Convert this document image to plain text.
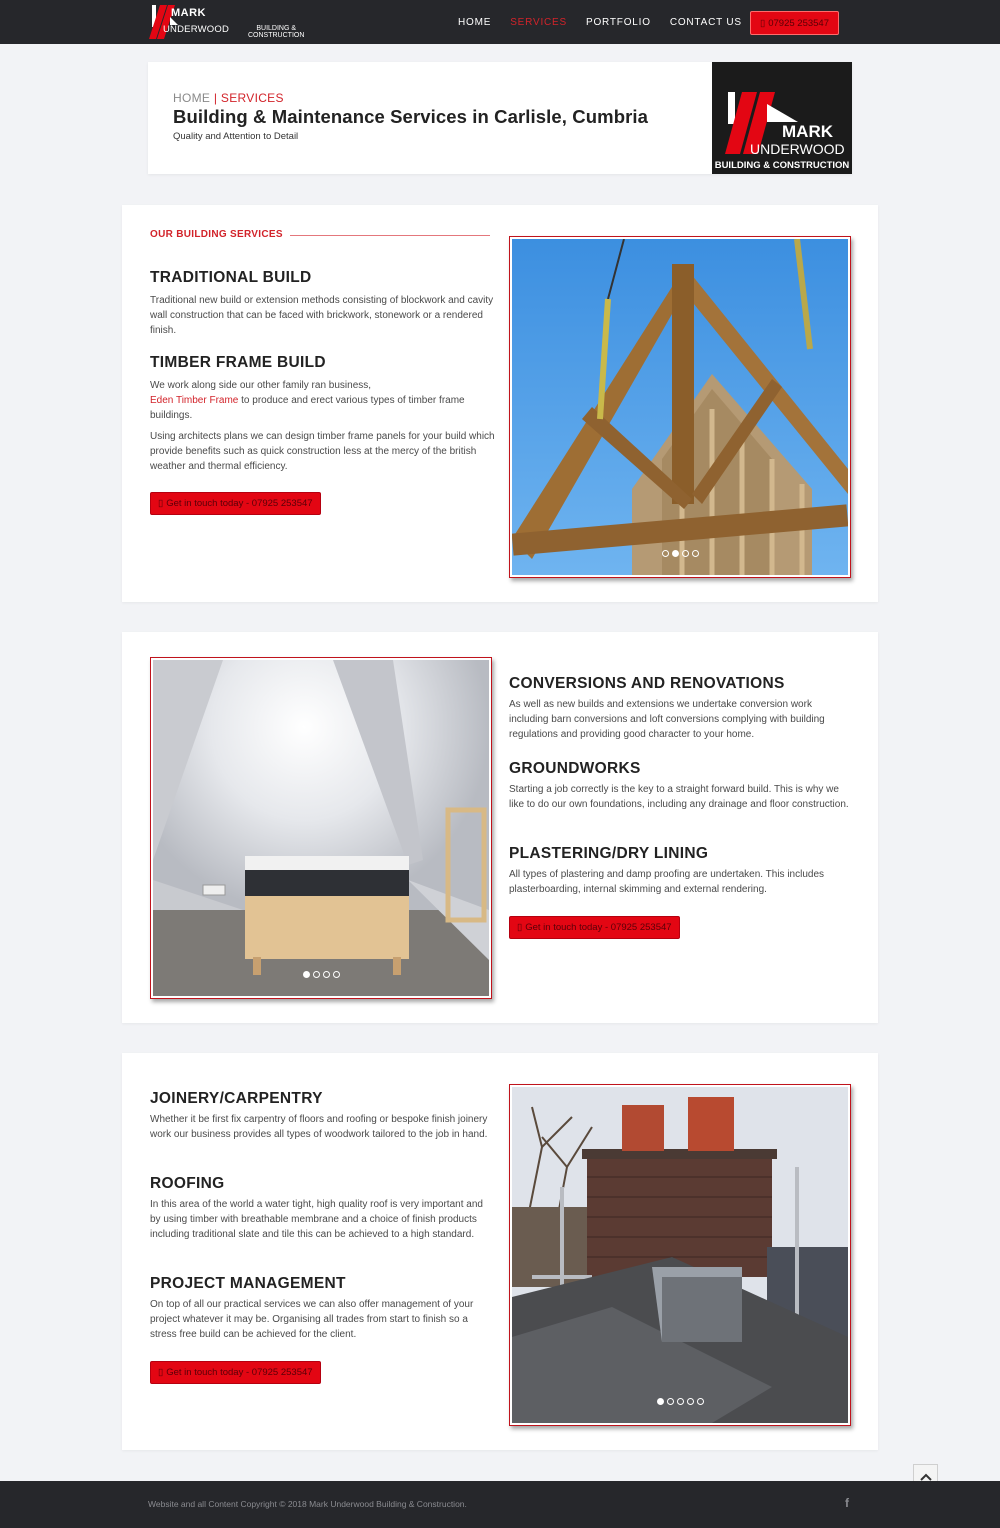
MARK
UNDERWOOD	BUILDING &
CONSTRUCTION
HOME SERVICES PORTFOLIO CONTACT US ▯ 07925 253547
HOME | SERVICES
Building & Maintenance Services in Carlisle, Cumbria
Quality and Attention to Detail	MARK
UNDERWOOD
BUILDING & CONSTRUCTION
OUR BUILDING SERVICES
TRADITIONAL BUILD

Traditional new build or extension methods consisting of blockwork and cavity wall construction that can be faced with brickwork, stonework or a rendered finish.

TIMBER FRAME BUILD

We work along side our other family ran business,
Eden Timber Frame to produce and erect various types of timber frame buildings.

Using architects plans we can design timber frame panels for your build which provide benefits such as quick construction less at the mercy of the british weather and thermal efficiency.

▯ Get in touch today - 07925 253547
CONVERSIONS AND RENOVATIONS

As well as new builds and extensions we undertake conversion work including barn conversions and loft conversions complying with building regulations and providing good character to your home.

GROUNDWORKS

Starting a job correctly is the key to a straight forward build. This is why we like to do our own foundations, including any drainage and floor construction.

PLASTERING/DRY LINING

All types of plastering and damp proofing are undertaken. This includes plasterboarding, internal skimming and external rendering.

▯ Get in touch today - 07925 253547
JOINERY/CARPENTRY

Whether it be first fix carpentry of floors and roofing or bespoke finish joinery work our business provides all types of woodwork tailored to the job in hand.

ROOFING

In this area of the world a water tight, high quality roof is very important and by using timber with breathable membrane and a choice of finish products including traditional slate and tile this can be achieved to a high standard.

PROJECT MANAGEMENT

On top of all our practical services we can also offer management of your project whatever it may be. Organising all trades from start to finish so a stress free build can be achieved for the client.

▯ Get in touch today - 07925 253547
Website and all Content Copyright © 2018 Mark Underwood Building & Construction.	f
